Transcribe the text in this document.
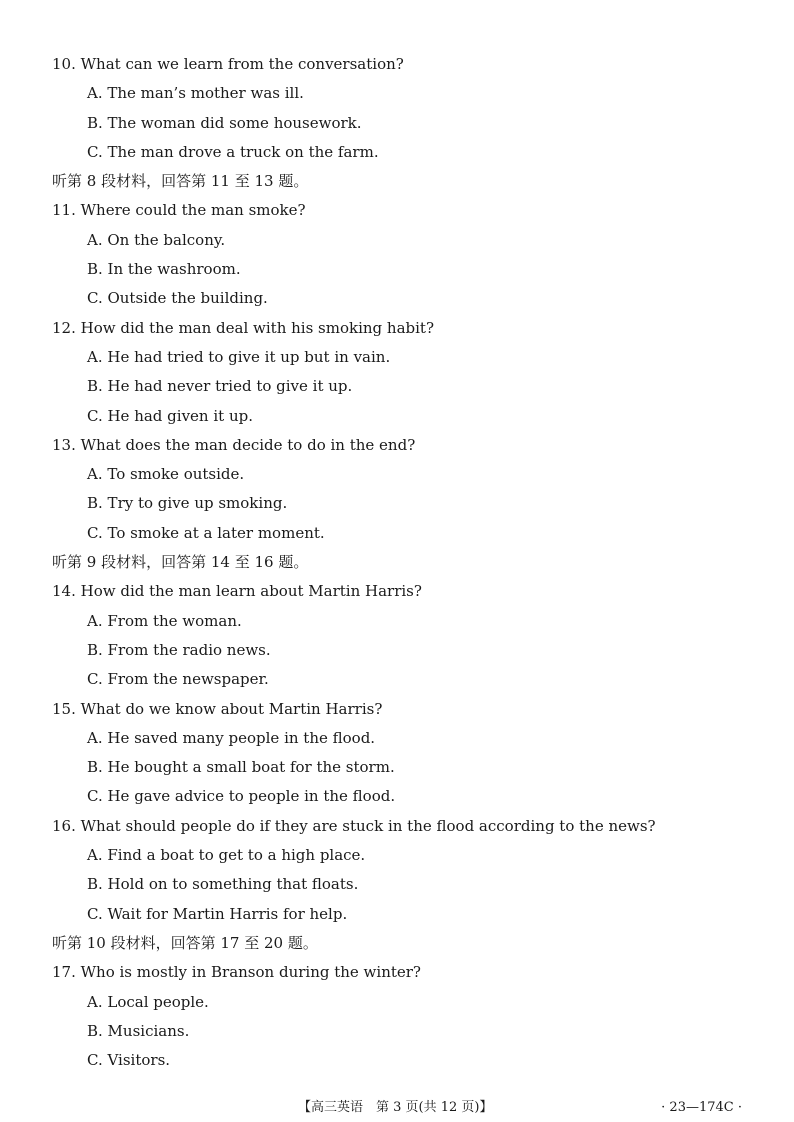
10. What can we learn from the conversation?
A. The man’s mother was ill.
B. The woman did some housework.
C. The man drove a truck on the farm.
听第 8 段材料，回答第 11 至 13 题。
11. Where could the man smoke?
A. On the balcony.
B. In the washroom.
C. Outside the building.
12. How did the man deal with his smoking habit?
A. He had tried to give it up but in vain.
B. He had never tried to give it up.
C. He had given it up.
13. What does the man decide to do in the end?
A. To smoke outside.
B. Try to give up smoking.
C. To smoke at a later moment.
听第 9 段材料，回答第 14 至 16 题。
14. How did the man learn about Martin Harris?
A. From the woman.
B. From the radio news.
C. From the newspaper.
15. What do we know about Martin Harris?
A. He saved many people in the flood.
B. He bought a small boat for the storm.
C. He gave advice to people in the flood.
16. What should people do if they are stuck in the flood according to the news?
A. Find a boat to get to a high place.
B. Hold on to something that floats.
C. Wait for Martin Harris for help.
听第 10 段材料，回答第 17 至 20 题。
17. Who is mostly in Branson during the winter?
A. Local people.
B. Musicians.
C. Visitors.
【高三英语　第 3 页(共 12 页)】	· 23—174C ·
